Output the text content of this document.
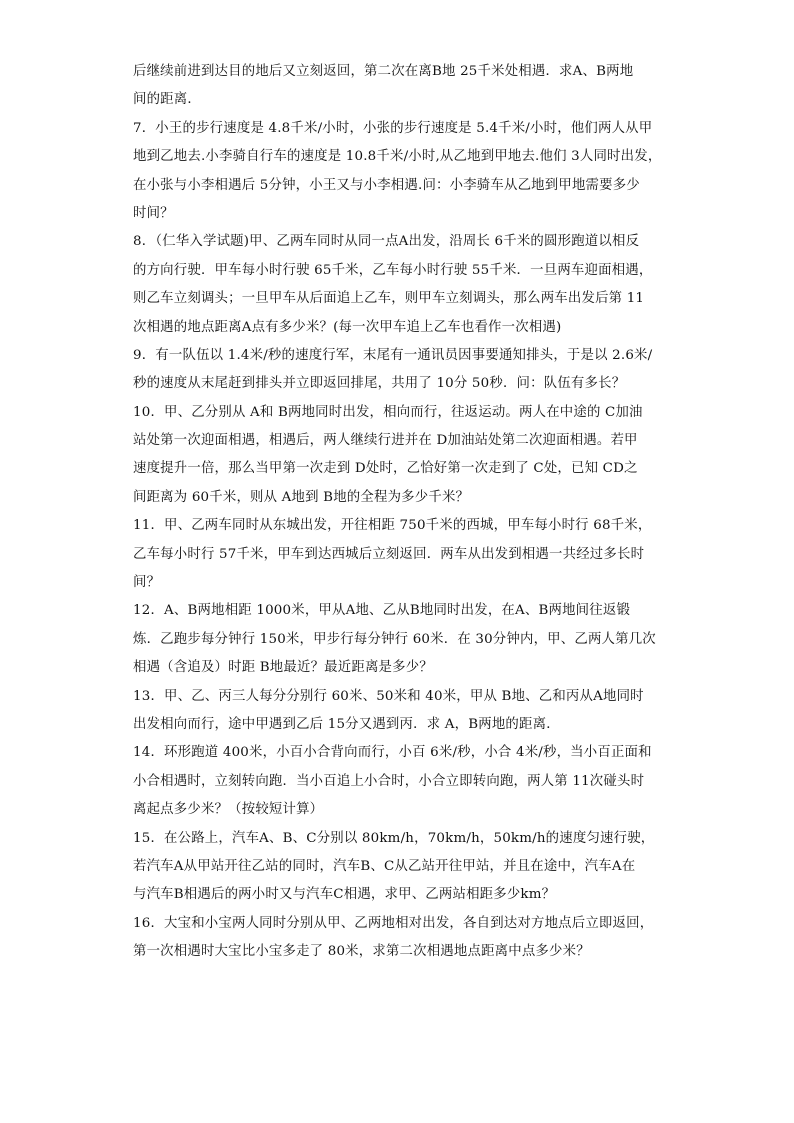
后继续前进到达目的地后又立刻返回，第二次在离B地 25千米处相遇．求A、B两地
间的距离．
7．小王的步行速度是 4.8千米/小时，小张的步行速度是 5.4千米/小时，他们两人从甲
地到乙地去.小李骑自行车的速度是 10.8千米/小时,从乙地到甲地去.他们 3人同时出发，
在小张与小李相遇后 5分钟，小王又与小李相遇.问：小李骑车从乙地到甲地需要多少
时间？
8．（仁华入学试题)甲、乙两车同时从同一点A出发，沿周长 6千米的圆形跑道以相反
的方向行驶．甲车每小时行驶 65千米，乙车每小时行驶 55千米．一旦两车迎面相遇，
则乙车立刻调头；一旦甲车从后面追上乙车，则甲车立刻调头，那么两车出发后第 11
次相遇的地点距离A点有多少米？(每一次甲车追上乙车也看作一次相遇)
9．有一队伍以 1.4米/秒的速度行军，末尾有一通讯员因事要通知排头，于是以 2.6米/
秒的速度从末尾赶到排头并立即返回排尾，共用了 10分 50秒．问：队伍有多长？
10．甲、乙分别从 A和 B两地同时出发，相向而行，往返运动。两人在中途的 C加油
站处第一次迎面相遇，相遇后，两人继续行进并在 D加油站处第二次迎面相遇。若甲
速度提升一倍，那么当甲第一次走到 D处时，乙恰好第一次走到了 C处，已知 CD之
间距离为 60千米，则从 A地到 B地的全程为多少千米？
11．甲、乙两车同时从东城出发，开往相距 750千米的西城，甲车每小时行 68千米，
乙车每小时行 57千米，甲车到达西城后立刻返回．两车从出发到相遇一共经过多长时
间？
12．A、B两地相距 1000米，甲从A地、乙从B地同时出发，在A、B两地间往返锻
炼．乙跑步每分钟行 150米，甲步行每分钟行 60米．在 30分钟内，甲、乙两人第几次
相遇（含追及）时距 B地最近？最近距离是多少？
13．甲、乙、丙三人每分分别行 60米、50米和 40米，甲从 B地、乙和丙从A地同时
出发相向而行，途中甲遇到乙后 15分又遇到丙．求 A，B两地的距离．
14．环形跑道 400米，小百小合背向而行，小百 6米/秒，小合 4米/秒，当小百正面和
小合相遇时，立刻转向跑．当小百追上小合时，小合立即转向跑，两人第 11次碰头时
离起点多少米？（按较短计算）
15．在公路上，汽车A、B、C分别以 80km/h，70km/h，50km/h的速度匀速行驶，
若汽车A从甲站开往乙站的同时，汽车B、C从乙站开往甲站，并且在途中，汽车A在
与汽车B相遇后的两小时又与汽车C相遇，求甲、乙两站相距多少km？
16．大宝和小宝两人同时分别从甲、乙两地相对出发，各自到达对方地点后立即返回，
第一次相遇时大宝比小宝多走了 80米，求第二次相遇地点距离中点多少米？
